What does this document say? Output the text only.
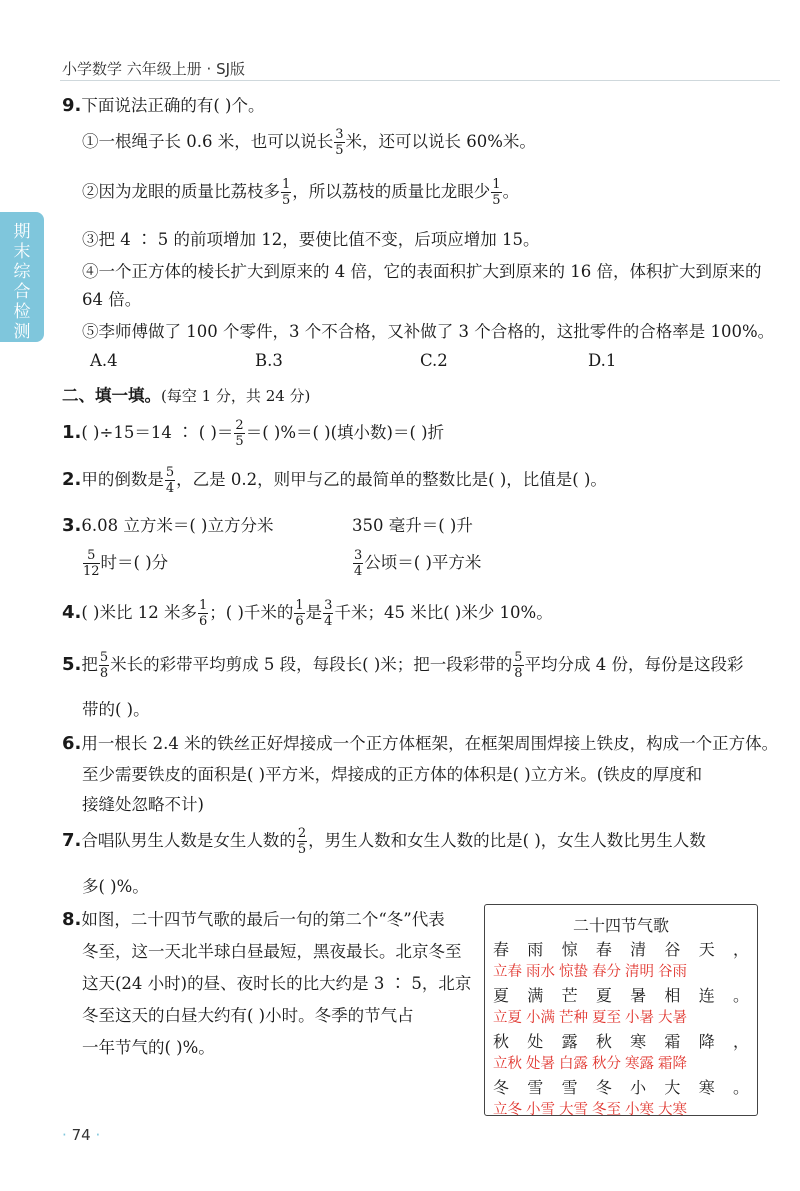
小学数学 六年级上册 · SJ版
期末综合检测
9.下面说法正确的有( )个。
①一根绳子长 0.6 米，也可以说长 $\frac{3}{5}$ 米，还可以说长 60%米。
②因为龙眼的质量比荔枝多 $\frac{1}{5}$ ，所以荔枝的质量比龙眼少 $\frac{1}{5}$ 。
③把 4 ∶ 5 的前项增加 12，要使比值不变，后项应增加 15。
④一个正方体的棱长扩大到原来的 4 倍，它的表面积扩大到原来的 16 倍，体积扩大到原来的
64 倍。
⑤李师傅做了 100 个零件，3 个不合格，又补做了 3 个合格的，这批零件的合格率是 100%。
A.4	B.3	C.2	D.1
二、填一填。(每空 1 分，共 24 分)
1.( )÷15＝14 ∶ ( )＝ $\frac{2}{5}$ ＝( )%＝( )(填小数)＝( )折
2.甲的倒数是 $\frac{5}{4}$ ，乙是 0.2，则甲与乙的最简单的整数比是( )，比值是( )。
3.6.08 立方米＝( )立方分米	350 毫升＝( )升
$\frac{5}{12}$ 时＝( )分	$\frac{3}{4}$ 公顷＝( )平方米
4.( )米比 12 米多 $\frac{1}{6}$ ；( )千米的 $\frac{1}{6}$ 是 $\frac{3}{4}$ 千米；45 米比( )米少 10%。
5.把 $\frac{5}{8}$ 米长的彩带平均剪成 5 段，每段长( )米；把一段彩带的 $\frac{5}{8}$ 平均分成 4 份，每份是这段彩
带的( )。
6.用一根长 2.4 米的铁丝正好焊接成一个正方体框架，在框架周围焊接上铁皮，构成一个正方体。
至少需要铁皮的面积是( )平方米，焊接成的正方体的体积是( )立方米。(铁皮的厚度和
接缝处忽略不计)
7.合唱队男生人数是女生人数的 $\frac{2}{5}$ ，男生人数和女生人数的比是( )，女生人数比男生人数
多( )%。
8.如图，二十四节气歌的最后一句的第二个“冬”代表
冬至，这一天北半球白昼最短，黑夜最长。北京冬至
这天(24 小时)的昼、夜时长的比大约是 3 ∶ 5，北京
冬至这天的白昼大约有( )小时。冬季的节气占
一年节气的( )%。
二十四节气歌
春 雨 惊 春 清 谷 天 ，
立春 雨水 惊蛰 春分 清明 谷雨
夏 满 芒 夏 暑 相 连 。
立夏 小满 芒种 夏至 小暑 大暑
秋 处 露 秋 寒 霜 降 ，
立秋 处暑 白露 秋分 寒露 霜降
冬 雪 雪 冬 小 大 寒 。
立冬 小雪 大雪 冬至 小寒 大寒
· 74 ·
